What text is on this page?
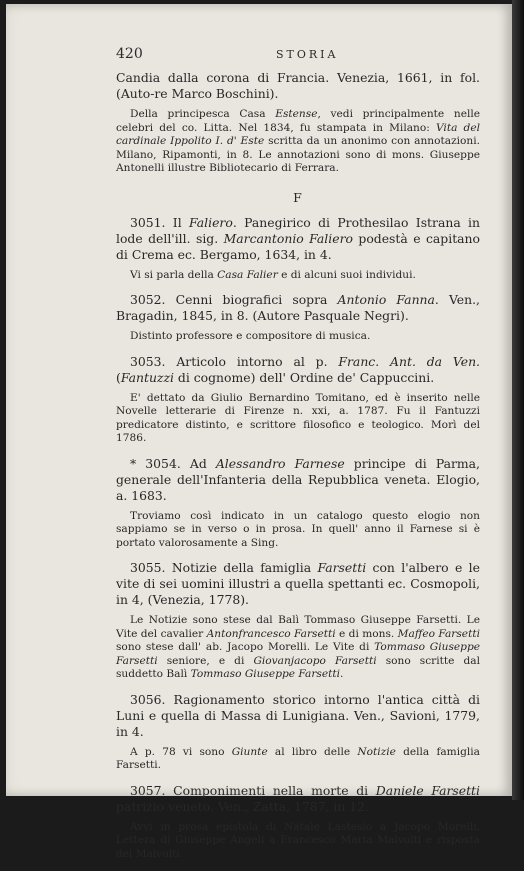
420	STORIA

Candia dalla corona di Francia. Venezia, 1661, in fol. (Auto-re Marco Boschini).

Della principesca Casa Estense, vedi principalmente nelle celebri del co. Litta. Nel 1834, fu stampata in Milano: Vita del cardinale Ippolito I. d' Este scritta da un anonimo con annotazioni. Milano, Ripamonti, in 8. Le annotazioni sono di mons. Giuseppe Antonelli illustre Bibliotecario di Ferrara.

F

3051. Il Faliero. Panegirico di Prothesilao Istrana in lode dell'ill. sig. Marcantonio Faliero podestà e capitano di Crema ec. Bergamo, 1634, in 4.

Vi si parla della Casa Falier e di alcuni suoi individui.

3052. Cenni biografici sopra Antonio Fanna. Ven., Bragadin, 1845, in 8. (Autore Pasquale Negri).

Distinto professore e compositore di musica.

3053. Articolo intorno al p. Franc. Ant. da Ven. (Fantuzzi di cognome) dell' Ordine de' Cappuccini.

E' dettato da Giulio Bernardino Tomitano, ed è inserito nelle Novelle letterarie di Firenze n. xxi, a. 1787. Fu il Fantuzzi predicatore distinto, e scrittore filosofico e teologico. Morì del 1786.

* 3054. Ad Alessandro Farnese principe di Parma, generale dell'Infanteria della Repubblica veneta. Elogio, a. 1683.

Troviamo così indicato in un catalogo questo elogio non sappiamo se in verso o in prosa. In quell' anno il Farnese si è portato valorosamente a Sing.

3055. Notizie della famiglia Farsetti con l'albero e le vite di sei uomini illustri a quella spettanti ec. Cosmopoli, in 4, (Venezia, 1778).

Le Notizie sono stese dal Balì Tommaso Giuseppe Farsetti. Le Vite del cavalier Antonfrancesco Farsetti e di mons. Maffeo Farsetti sono stese dall' ab. Jacopo Morelli. Le Vite di Tommaso Giuseppe Farsetti seniore, e di Giovanjacopo Farsetti sono scritte dal suddetto Balì Tommaso Giuseppe Farsetti.

3056. Ragionamento storico intorno l'antica città di Luni e quella di Massa di Lunigiana. Ven., Savioni, 1779, in 4.

A p. 78 vi sono Giunte al libro delle Notizie della famiglia Farsetti.

3057. Componimenti nella morte di Daniele Farsetti patrizio veneto. Ven., Zatta, 1787, in 12.

Avvi in prosa epistola di Natale Lastesio a Jacopo Morelli, Lettera di Giuseppe Angeli a Francesco Maria Malvolti e risposta del Malvolti.
